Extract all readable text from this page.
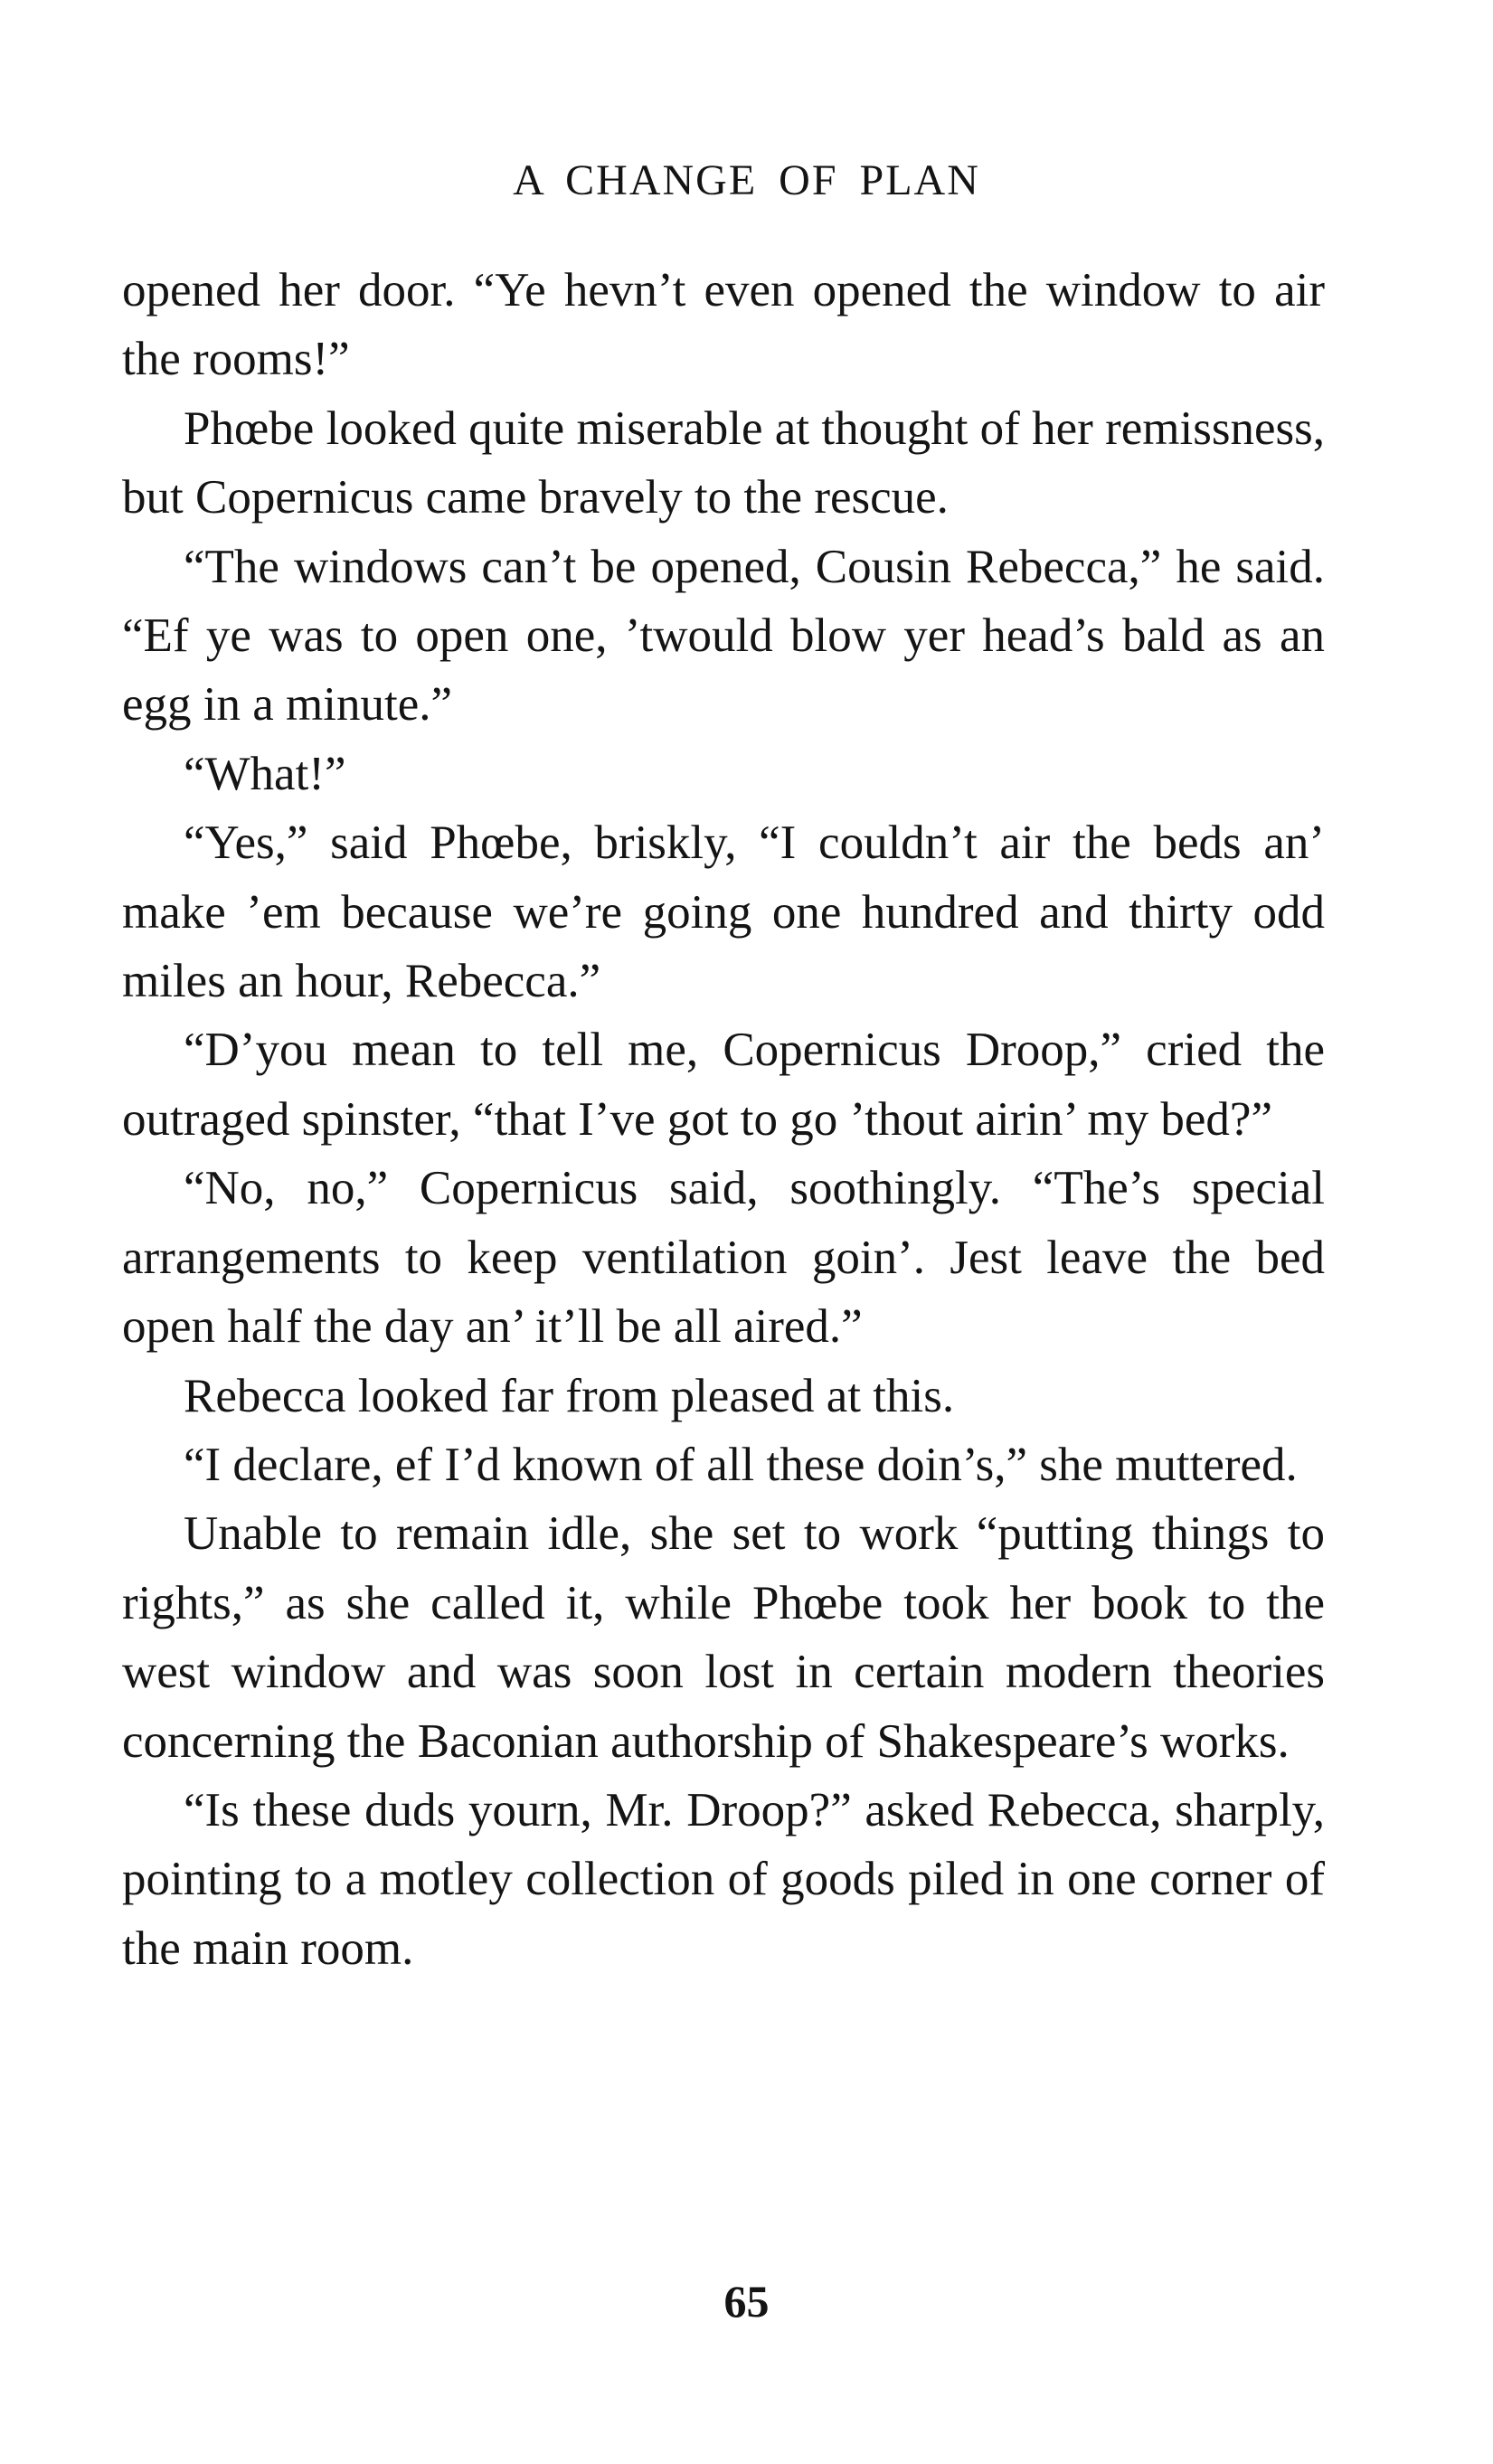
A CHANGE OF PLAN

opened her door. “Ye hevn’t even opened the window to air the rooms!”

Phœbe looked quite miserable at thought of her remissness, but Copernicus came bravely to the rescue.

“The windows can’t be opened, Cousin Rebecca,” he said. “Ef ye was to open one, ’twould blow yer head’s bald as an egg in a minute.”

“What!”

“Yes,” said Phœbe, briskly, “I couldn’t air the beds an’ make ’em because we’re going one hundred and thirty odd miles an hour, Rebecca.”

“D’you mean to tell me, Copernicus Droop,” cried the outraged spinster, “that I’ve got to go ’thout airin’ my bed?”

“No, no,” Copernicus said, soothingly. “The’s special arrangements to keep ventilation goin’. Jest leave the bed open half the day an’ it’ll be all aired.”

Rebecca looked far from pleased at this.

“I declare, ef I’d known of all these doin’s,” she muttered.

Unable to remain idle, she set to work “putting things to rights,” as she called it, while Phœbe took her book to the west window and was soon lost in certain modern theories concerning the Baconian authorship of Shakespeare’s works.

“Is these duds yourn, Mr. Droop?” asked Rebecca, sharply, pointing to a motley collection of goods piled in one corner of the main room.

65
